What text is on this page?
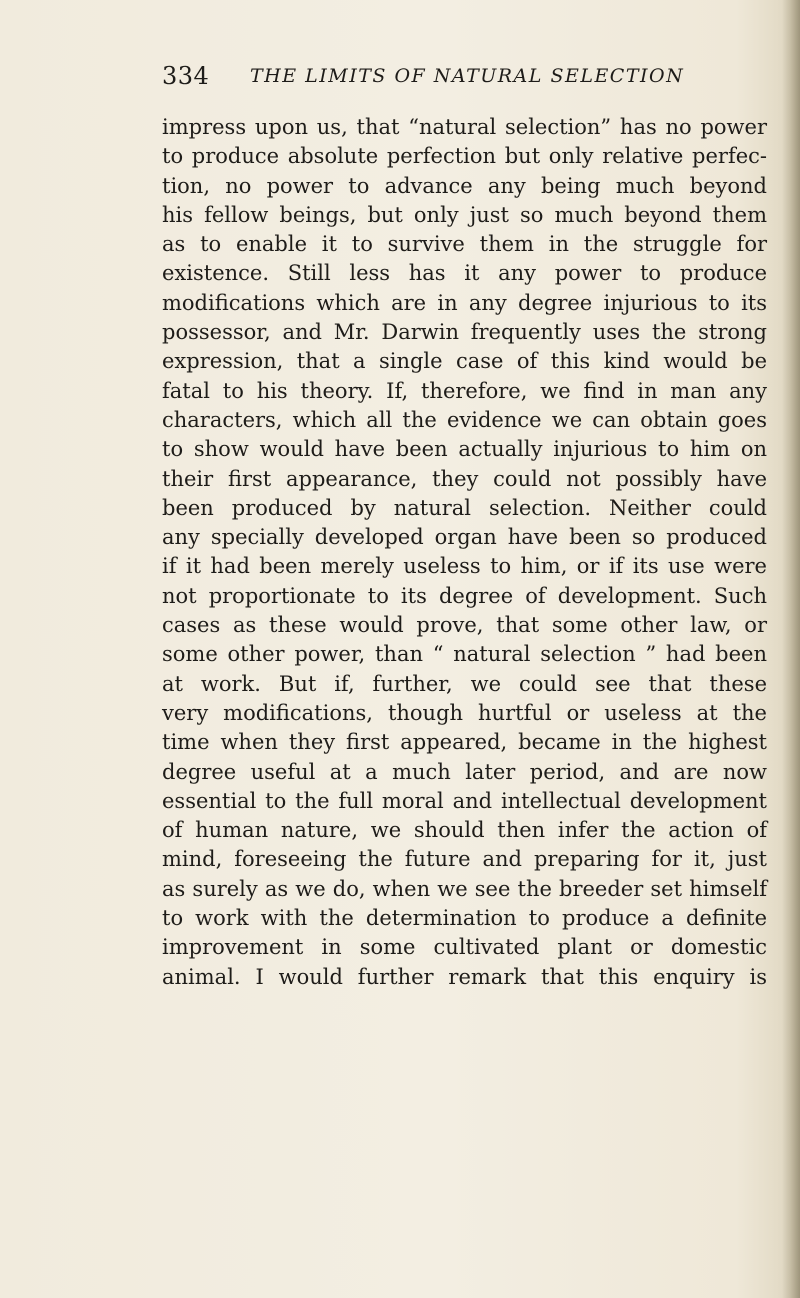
334 THE LIMITS OF NATURAL SELECTION
impress upon us, that “natural selection” has no power
to produce absolute perfection but only relative perfec-
tion, no power to advance any being much beyond
his fellow beings, but only just so much beyond them
as to enable it to survive them in the struggle for
existence. Still less has it any power to produce
modifications which are in any degree injurious to its
possessor, and Mr. Darwin frequently uses the strong
expression, that a single case of this kind would be
fatal to his theory. If, therefore, we find in man any
characters, which all the evidence we can obtain goes
to show would have been actually injurious to him on
their first appearance, they could not possibly have
been produced by natural selection. Neither could
any specially developed organ have been so produced
if it had been merely useless to him, or if its use were
not proportionate to its degree of development. Such
cases as these would prove, that some other law, or
some other power, than “ natural selection ” had been
at work. But if, further, we could see that these
very modifications, though hurtful or useless at the
time when they first appeared, became in the highest
degree useful at a much later period, and are now
essential to the full moral and intellectual development
of human nature, we should then infer the action of
mind, foreseeing the future and preparing for it, just
as surely as we do, when we see the breeder set himself
to work with the determination to produce a definite
improvement in some cultivated plant or domestic
animal. I would further remark that this enquiry is
